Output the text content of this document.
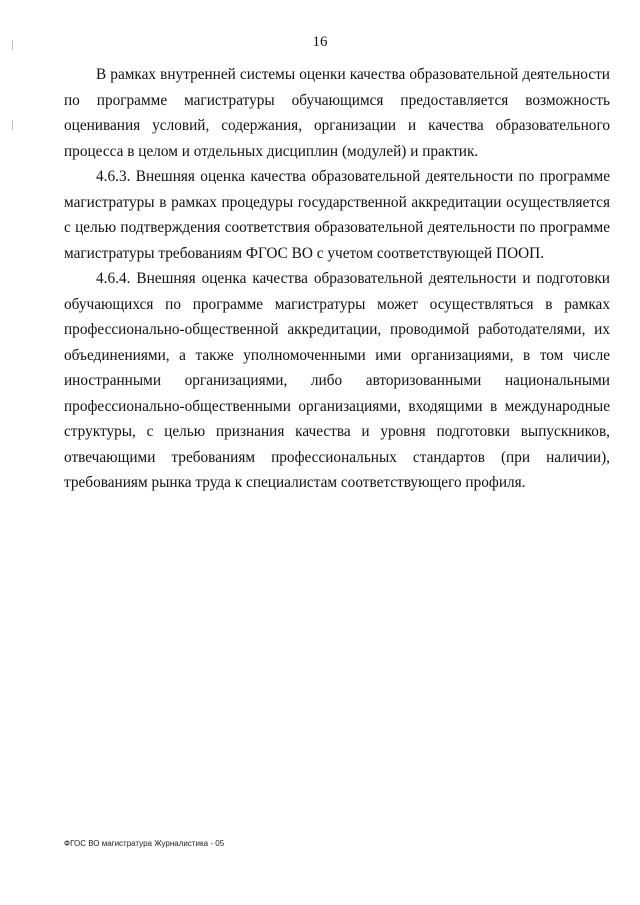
16

В рамках внутренней системы оценки качества образовательной деятельности по программе магистратуры обучающимся предоставляется возможность оценивания условий, содержания, организации и качества образовательного процесса в целом и отдельных дисциплин (модулей) и практик.

4.6.3. Внешняя оценка качества образовательной деятельности по программе магистратуры в рамках процедуры государственной аккредитации осуществляется с целью подтверждения соответствия образовательной деятельности по программе магистратуры требованиям ФГОС ВО с учетом соответствующей ПООП.

4.6.4. Внешняя оценка качества образовательной деятельности и подготовки обучающихся по программе магистратуры может осуществляться в рамках профессионально-общественной аккредитации, проводимой работодателями, их объединениями, а также уполномоченными ими организациями, в том числе иностранными организациями, либо авторизованными национальными профессионально-общественными организациями, входящими в международные структуры, с целью признания качества и уровня подготовки выпускников, отвечающими требованиям профессиональных стандартов (при наличии), требованиям рынка труда к специалистам соответствующего профиля.

ФГОС ВО магистратура Журналистика - 05
